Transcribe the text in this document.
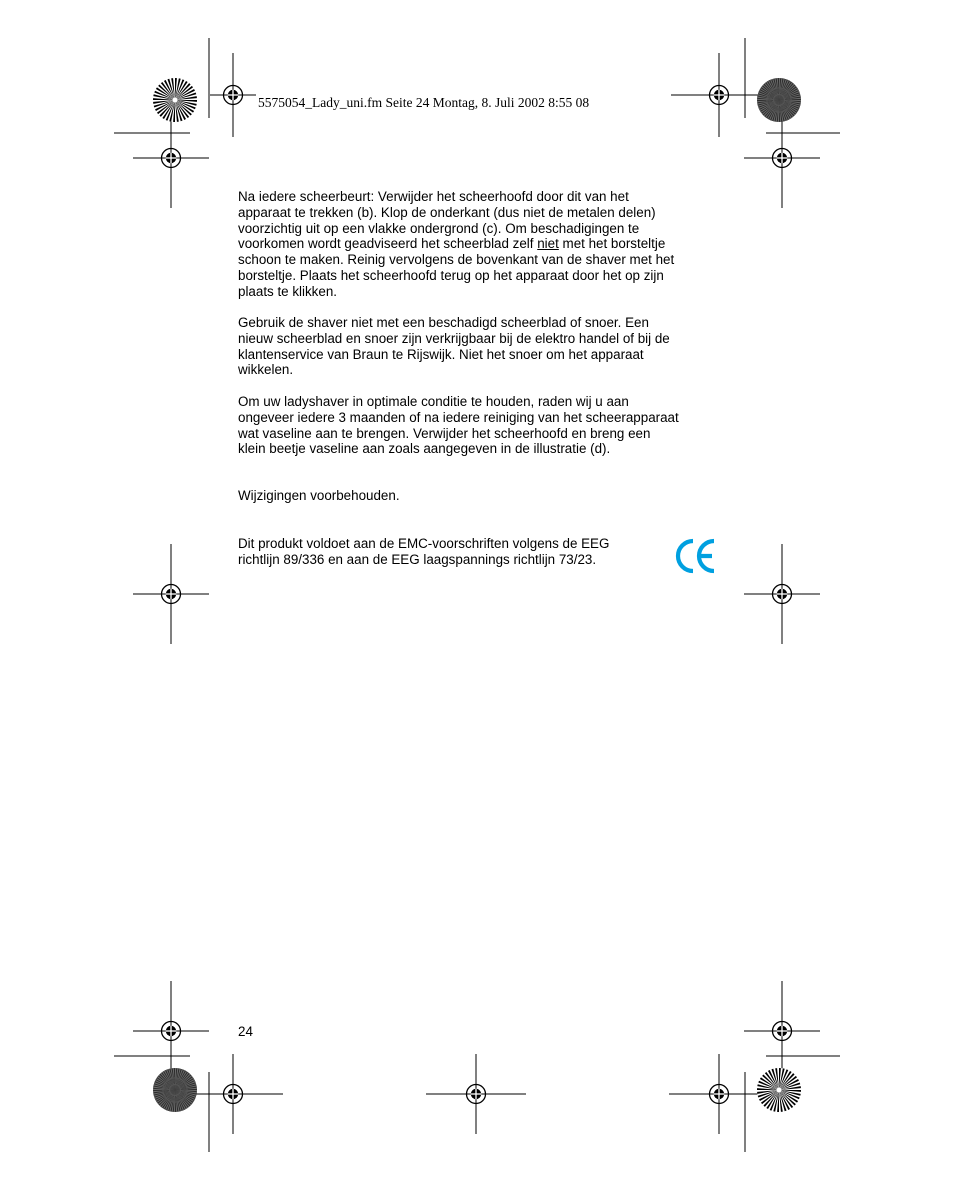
5575054_Lady_uni.fm Seite 24 Montag, 8. Juli 2002 8:55 08

Na iedere scheerbeurt: Verwijder het scheerhoofd door dit van het
apparaat te trekken (b). Klop de onderkant (dus niet de metalen delen)
voorzichtig uit op een vlakke ondergrond (c). Om beschadigingen te
voorkomen wordt geadviseerd het scheerblad zelf niet met het borsteltje
schoon te maken. Reinig vervolgens de bovenkant van de shaver met het
borsteltje. Plaats het scheerhoofd terug op het apparaat door het op zijn
plaats te klikken.

Gebruik de shaver niet met een beschadigd scheerblad of snoer. Een
nieuw scheerblad en snoer zijn verkrijgbaar bij de elektro handel of bij de
klantenservice van Braun te Rijswijk. Niet het snoer om het apparaat
wikkelen.

Om uw ladyshaver in optimale conditie te houden, raden wij u aan
ongeveer iedere 3 maanden of na iedere reiniging van het scheerapparaat
wat vaseline aan te brengen. Verwijder het scheerhoofd en breng een
klein beetje vaseline aan zoals aangegeven in de illustratie (d).

Wijzigingen voorbehouden.

Dit produkt voldoet aan de EMC-voorschriften volgens de EEG
richtlijn 89/336 en aan de EEG laagspannings richtlijn 73/23.

24
